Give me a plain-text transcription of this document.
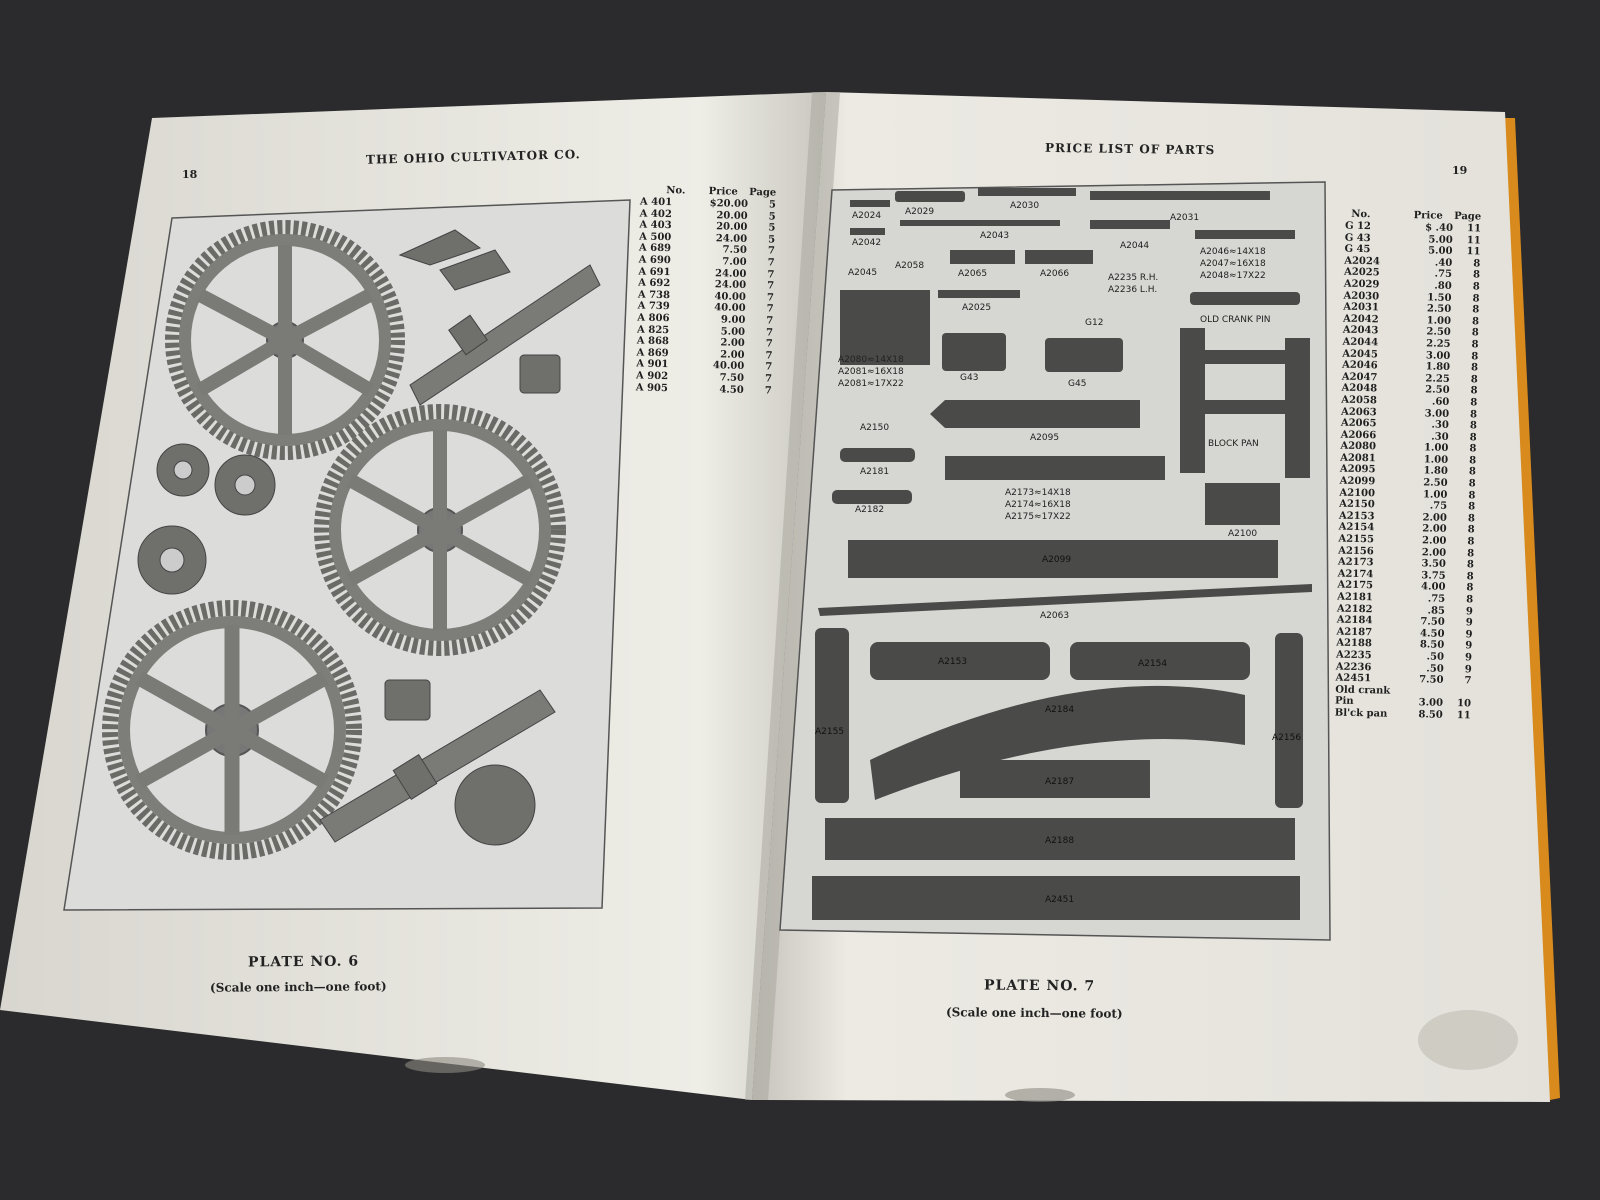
A2024	A2029
A2030
A2031
A2042
A2043
A2044
A2046≈14X18
A2047≈16X18
A2048≈17X22
A2045
A2058
A2065	A2066	A2235 R.H.
A2236 L.H.
A2025
G12	OLD CRANK PIN
A2080≈14X18
A2081≈16X18
A2081≈17X22
G43
G45
BLOCK PAN
A2150
A2095
A2181
A2173≈14X18
A2174≈16X18
A2175≈17X22
A2182
A2100
A2099
A2063
A2153	A2154
A2155
A2156
A2184
A2187
A2188
A2451
18
THE OHIO CULTIVATOR CO.
No.	Price	Page
A 401	$20.00	5
A 402	20.00	5
A 403	20.00	5
A 500	24.00	5
A 689	7.50	7
A 690	7.00	7
A 691	24.00	7
A 692	24.00	7
A 738	40.00	7
A 739	40.00	7
A 806	9.00	7
A 825	5.00	7
A 868	2.00	7
A 869	2.00	7
A 901	40.00	7
A 902	7.50	7
A 905	4.50	7
PLATE NO. 6
(Scale one inch—one foot)
PRICE LIST OF PARTS
19
No.	Price	Page
G 12	$ .40	11
G 43	5.00	11
G 45	5.00	11
A2024	.40	8
A2025	.75	8
A2029	.80	8
A2030	1.50	8
A2031	2.50	8
A2042	1.00	8
A2043	2.50	8
A2044	2.25	8
A2045	3.00	8
A2046	1.80	8
A2047	2.25	8
A2048	2.50	8
A2058	.60	8
A2063	3.00	8
A2065	.30	8
A2066	.30	8
A2080	1.00	8
A2081	1.00	8
A2095	1.80	8
A2099	2.50	8
A2100	1.00	8
A2150	.75	8
A2153	2.00	8
A2154	2.00	8
A2155	2.00	8
A2156	2.00	8
A2173	3.50	8
A2174	3.75	8
A2175	4.00	8
A2181	.75	8
A2182	.85	9
A2184	7.50	9
A2187	4.50	9
A2188	8.50	9
A2235	.50	9
A2236	.50	9
A2451	7.50	7
Old crank
Pin	3.00	10
Bl'ck pan	8.50	11
PLATE NO. 7
(Scale one inch—one foot)
